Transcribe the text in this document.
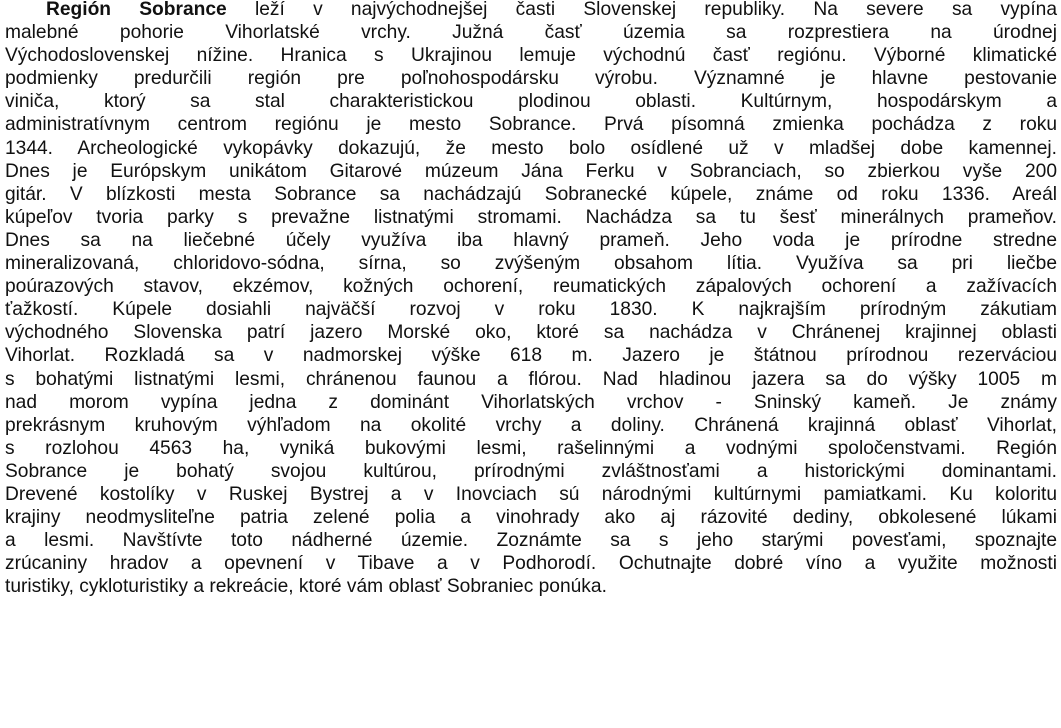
Región Sobrance leží v najvýchodnejšej časti Slovenskej republiky. Na severe sa vypína
malebné pohorie Vihorlatské vrchy. Južná časť územia sa rozprestiera na úrodnej
Východoslovenskej nížine. Hranica s Ukrajinou lemuje východnú časť regiónu. Výborné klimatické
podmienky predurčili región pre poľnohospodársku výrobu. Významné je hlavne pestovanie
viniča, ktorý sa stal charakteristickou plodinou oblasti. Kultúrnym, hospodárskym a
administratívnym centrom regiónu je mesto Sobrance. Prvá písomná zmienka pochádza z roku
1344. Archeologické vykopávky dokazujú, že mesto bolo osídlené už v mladšej dobe kamennej.
Dnes je Európskym unikátom Gitarové múzeum Jána Ferku v Sobranciach, so zbierkou vyše 200
gitár. V blízkosti mesta Sobrance sa nachádzajú Sobranecké kúpele, známe od roku 1336. Areál
kúpeľov tvoria parky s prevažne listnatými stromami. Nachádza sa tu šesť minerálnych prameňov.
Dnes sa na liečebné účely využíva iba hlavný prameň. Jeho voda je prírodne stredne
mineralizovaná, chloridovo-sódna, sírna, so zvýšeným obsahom lítia. Využíva sa pri liečbe
poúrazových stavov, ekzémov, kožných ochorení, reumatických zápalových ochorení a zažívacích
ťažkostí. Kúpele dosiahli najväčší rozvoj v roku 1830. K najkrajším prírodným zákutiam
východného Slovenska patrí jazero Morské oko, ktoré sa nachádza v Chránenej krajinnej oblasti
Vihorlat. Rozkladá sa v nadmorskej výške 618 m. Jazero je štátnou prírodnou rezerváciou
s bohatými listnatými lesmi, chránenou faunou a flórou. Nad hladinou jazera sa do výšky 1005 m
nad morom vypína jedna z dominánt Vihorlatských vrchov - Sninský kameň. Je známy
prekrásnym kruhovým výhľadom na okolité vrchy a doliny. Chránená krajinná oblasť Vihorlat,
s rozlohou 4563 ha, vyniká bukovými lesmi, rašelinnými a vodnými spoločenstvami. Región
Sobrance je bohatý svojou kultúrou, prírodnými zvláštnosťami a historickými dominantami.
Drevené kostolíky v Ruskej Bystrej a v Inovciach sú národnými kultúrnymi pamiatkami. Ku koloritu
krajiny neodmysliteľne patria zelené polia a vinohrady ako aj rázovité dediny, obkolesené lúkami
a lesmi. Navštívte toto nádherné územie. Zoznámte sa s jeho starými povesťami, spoznajte
zrúcaniny hradov a opevnení v Tibave a v Podhorodí. Ochutnajte dobré víno a využite možnosti
turistiky, cykloturistiky a rekreácie, ktoré vám oblasť Sobraniec ponúka.
